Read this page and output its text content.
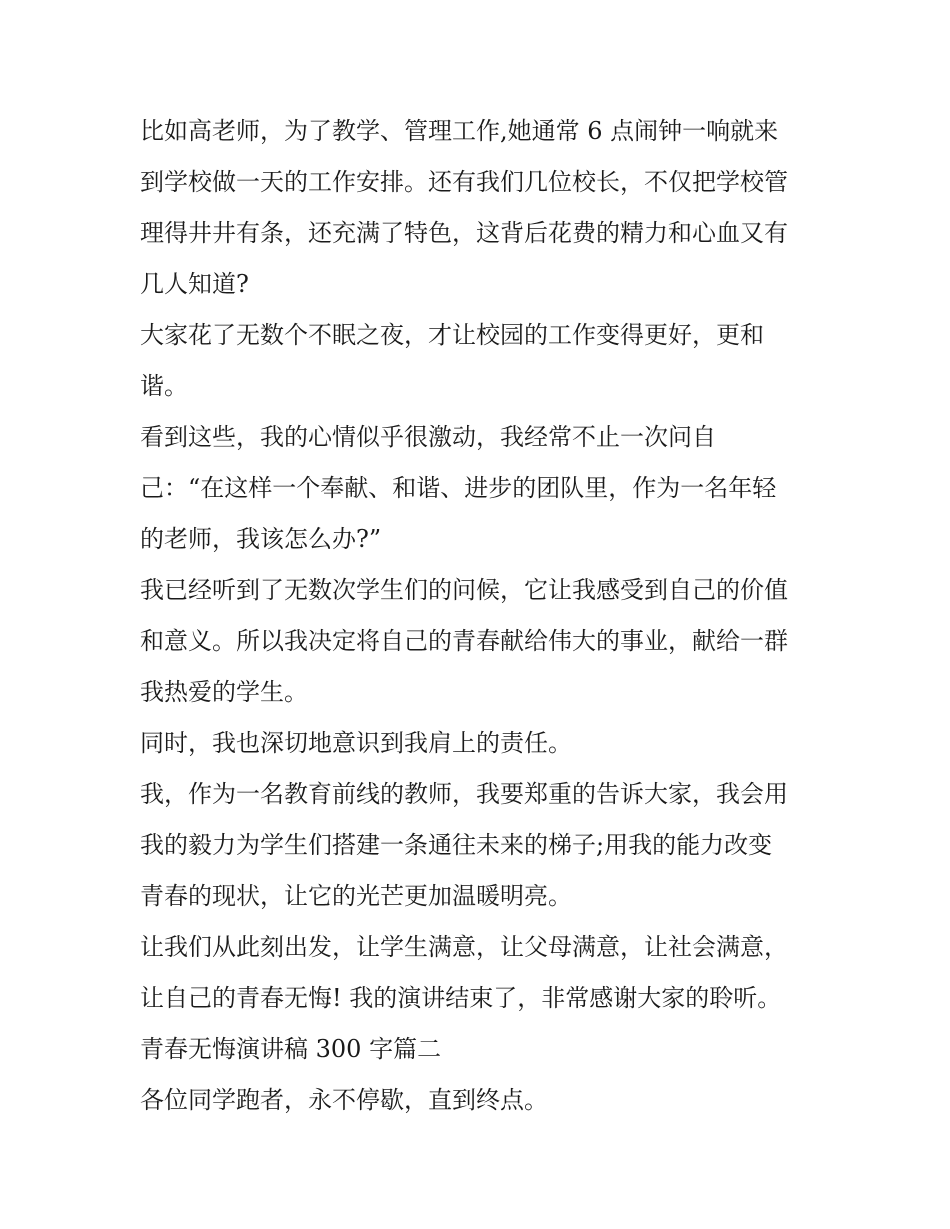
比如高老师，为了教学、管理工作,她通常 6 点闹钟一响就来
到学校做一天的工作安排。还有我们几位校长，不仅把学校管
理得井井有条，还充满了特色，这背后花费的精力和心血又有
几人知道?
大家花了无数个不眠之夜，才让校园的工作变得更好，更和
谐。
看到这些，我的心情似乎很激动，我经常不止一次问自
己：“在这样一个奉献、和谐、进步的团队里，作为一名年轻
的老师，我该怎么办?”
我已经听到了无数次学生们的问候，它让我感受到自己的价值
和意义。所以我决定将自己的青春献给伟大的事业，献给一群
我热爱的学生。
同时，我也深切地意识到我肩上的责任。
我，作为一名教育前线的教师，我要郑重的告诉大家，我会用
我的毅力为学生们搭建一条通往未来的梯子;用我的能力改变
青春的现状，让它的光芒更加温暖明亮。
让我们从此刻出发，让学生满意，让父母满意，让社会满意，
让自己的青春无悔! 我的演讲结束了，非常感谢大家的聆听。
青春无悔演讲稿 300 字篇二
各位同学跑者，永不停歇，直到终点。
